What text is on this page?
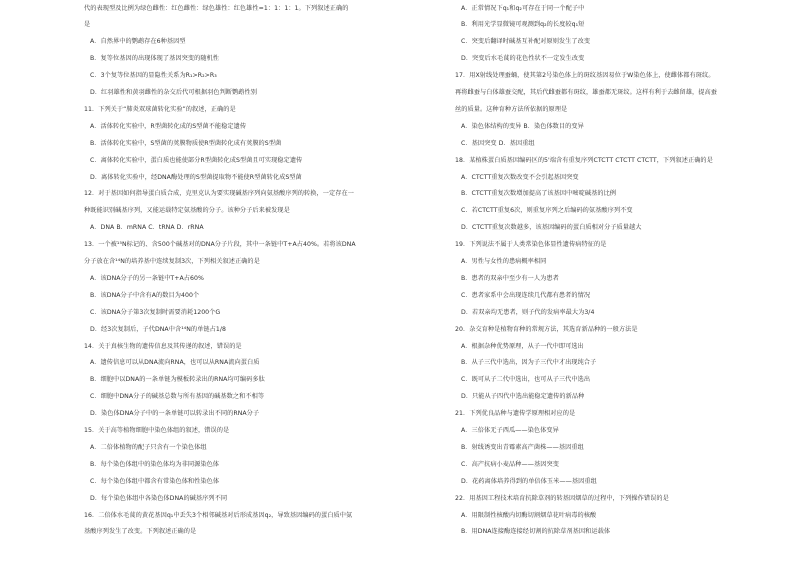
代的表现型及比例为绿色雌性：红色雌性：绿色雄性：红色雄性=1：1：1：1。下列叙述正确的
是
A．自然界中的鹦鹉存在6种基因型
B．复等位基因的出现体现了基因突变的随机性
C．3个复等位基因的显隐性关系为R₁>R₂>R₃
D．红羽雄性和黄羽雌性的杂交后代可根据羽色判断鹦鹉性别
11．下列关于“肺炎双球菌转化实验”的叙述，正确的是
A．活体转化实验中，R型菌转化成的S型菌不能稳定遗传
B．活体转化实验中，S型菌的荚膜物质使R型菌转化成有荚膜的S型菌
C．离体转化实验中，蛋白质也能使部分R型菌转化成S型菌且可实现稳定遗传
D．离体转化实验中，经DNA酶处理的S型菌提取物不能使R型菌转化成S型菌
12．对于基因如何指导蛋白质合成，克里克认为要实现碱基序列向氨基酸序列的转换，一定存在一
种既能识别碱基序列，又能运载特定氨基酸的分子。该种分子后来被发现是
A．DNA B．mRNA C．tRNA D．rRNA
13．一个被¹⁵N标记的、含500个碱基对的DNA分子片段，其中一条链中T+A占40%。若将该DNA
分子放在含¹⁴N的培养基中连续复制3次，下列相关叙述正确的是
A．该DNA分子的另一条链中T+A占60%
B．该DNA分子中含有A的数目为400个
C．该DNA分子第3次复制时需要消耗1200个G
D．经3次复制后，子代DNA中含¹⁴N的单链占1/8
14．关于真核生物的遗传信息及其传递的叙述，错误的是
A．遗传信息可以从DNA流向RNA，也可以从RNA流向蛋白质
B．细胞中以DNA的一条单链为模板转录出的RNA均可编码多肽
C．细胞中DNA分子的碱基总数与所有基因的碱基数之和不相等
D．染色体DNA分子中的一条单链可以转录出不同的RNA分子
15．关于高等植物细胞中染色体组的叙述，错误的是
A．二倍体植物的配子只含有一个染色体组
B．每个染色体组中的染色体均为非同源染色体
C．每个染色体组中都含有常染色体和性染色体
D．每个染色体组中各染色体DNA的碱基序列不同
16．二倍体水毛茛的黄花基因q₁中丢失3个相邻碱基对后形成基因q₂，导致基因编码的蛋白质中氨
基酸序列发生了改变。下列叙述正确的是
A．正常情况下q₁和q₂可存在于同一个配子中
B．利用光学显微镜可观测到q₂的长度较q₁短
C．突变后翻译时碱基互补配对原则发生了改变
D．突变后水毛茛的花色性状不一定发生改变
17．用X射线处理蚕蛹，使其第2号染色体上的斑纹基因易位于W染色体上，使雌体都有斑纹。
再将雌蚕与白体雄蚕交配，其后代雌蚕都有斑纹，雄蚕都无斑纹。这样有利于去雌留雄，提高蚕
丝的质量。这种育种方法所依据的原理是
A．染色体结构的变异 B．染色体数目的变异
C．基因突变 D．基因重组
18．某植株蛋白质基因编码区的5'端含有重复序列CTCTT CTCTT CTCTT，下列叙述正确的是
A．CTCTT重复次数改变不会引起基因突变
B．CTCTT重复次数增加提高了该基因中嘧啶碱基的比例
C．若CTCTT重复6次，则重复序列之后编码的氨基酸序列不变
D．CTCTT重复次数越多，该基因编码的蛋白质相对分子质量越大
19．下列说法不属于人类常染色体显性遗传病特征的是
A．男性与女性的患病概率相同
B．患者的双亲中至少有一人为患者
C．患者家系中会出现连续几代都有患者的情况
D．若双亲均无患者，则子代的发病率最大为3/4
20．杂交育种是植物育种的常规方法，其选育新品种的一般方法是
A．根据杂种优势原理，从子一代中即可选出
B．从子三代中选出，因为子三代中才出现纯合子
C．既可从子二代中选出，也可从子三代中选出
D．只能从子四代中选出能稳定遗传的新品种
21．下列优良品种与遗传学原理相对应的是
A．三倍体无子西瓜——染色体变异
B．射线诱变出青霉素高产菌株——基因重组
C．高产抗病小麦品种——基因突变
D．花药离体培养得到的单倍体玉米——基因重组
22．用基因工程技术培育抗除草剂的转基因烟草的过程中，下列操作错误的是
A．用限制性核酸内切酶切割烟草花叶病毒的核酸
B．用DNA连接酶连接经切割的抗除草剂基因和运载体
